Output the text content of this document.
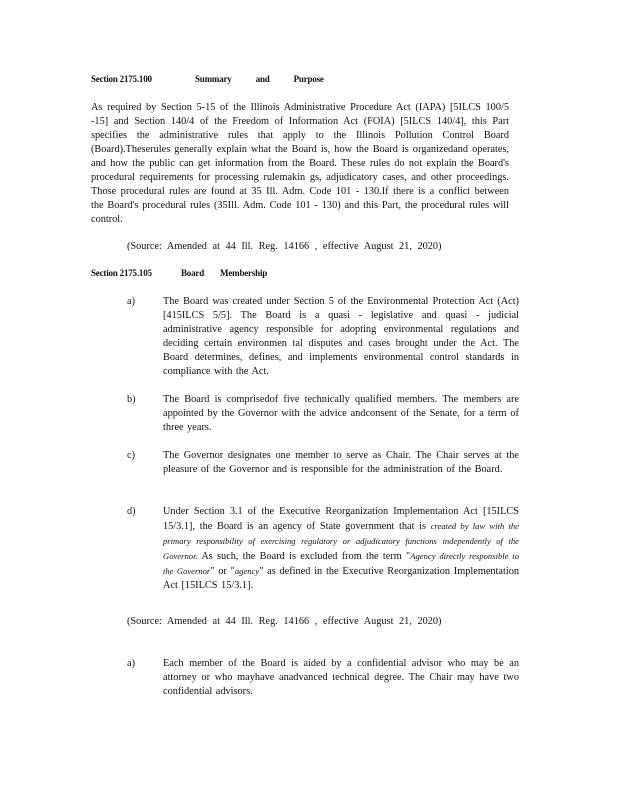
Section 2175.100	Summary and Purpose
As required by Section 5-15 of the Illinois Administrative Procedure Act (IAPA) [5ILCS 100/5 -15] and Section 140/4 of the Freedom of Information Act (FOIA) [5ILCS 140/4], this Part specifies the administrative rules that apply to the Illinois Pollution Control Board (Board).Theserules generally explain what the Board is, how the Board is organizedand operates, and how the public can get information from the Board. These rules do not explain the Board's procedural requirements for processing rulemakin gs, adjudicatory cases, and other proceedings. Those procedural rules are found at 35 Ill. Adm. Code 101 - 130.If there is a conflict between the Board's procedural rules (35Ill. Adm. Code 101 - 130) and this Part, the procedural rules will control.
(Source: Amended at 44 Ill. Reg. 14166 , effective August 21, 2020)
Section 2175.105	Board Membership
a)	The Board was created under Section 5 of the Environmental Protection Act (Act) [415ILCS 5/5]. The Board is a quasi - legislative and quasi - judicial administrative agency responsible for adopting environmental regulations and deciding certain environmen tal disputes and cases brought under the Act. The Board determines, defines, and implements environmental control standards in compliance with the Act.
b)	The Board is comprisedof five technically qualified members. The members are appointed by the Governor with the advice andconsent of the Senate, for a term of three years.
c)	The Governor designates one member to serve as Chair. The Chair serves at the pleasure of the Governor and is responsible for the administration of the Board.
d)	Under Section 3.1 of the Executive Reorganization Implementation Act [15ILCS 15/3.1], the Board is an agency of State government that is created by law with the primary responsibility of exercising regulatory or adjudicatory functions independently of the Governor. As such, the Board is excluded from the term "Agency directly responsible to the Governor" or "agency" as defined in the Executive Reorganization Implementation Act [15ILCS 15/3.1].
(Source: Amended at 44 Ill. Reg. 14166 , effective August 21, 2020)
a)	Each member of the Board is aided by a confidential advisor who may be an attorney or who mayhave anadvanced technical degree. The Chair may have two confidential advisors.
